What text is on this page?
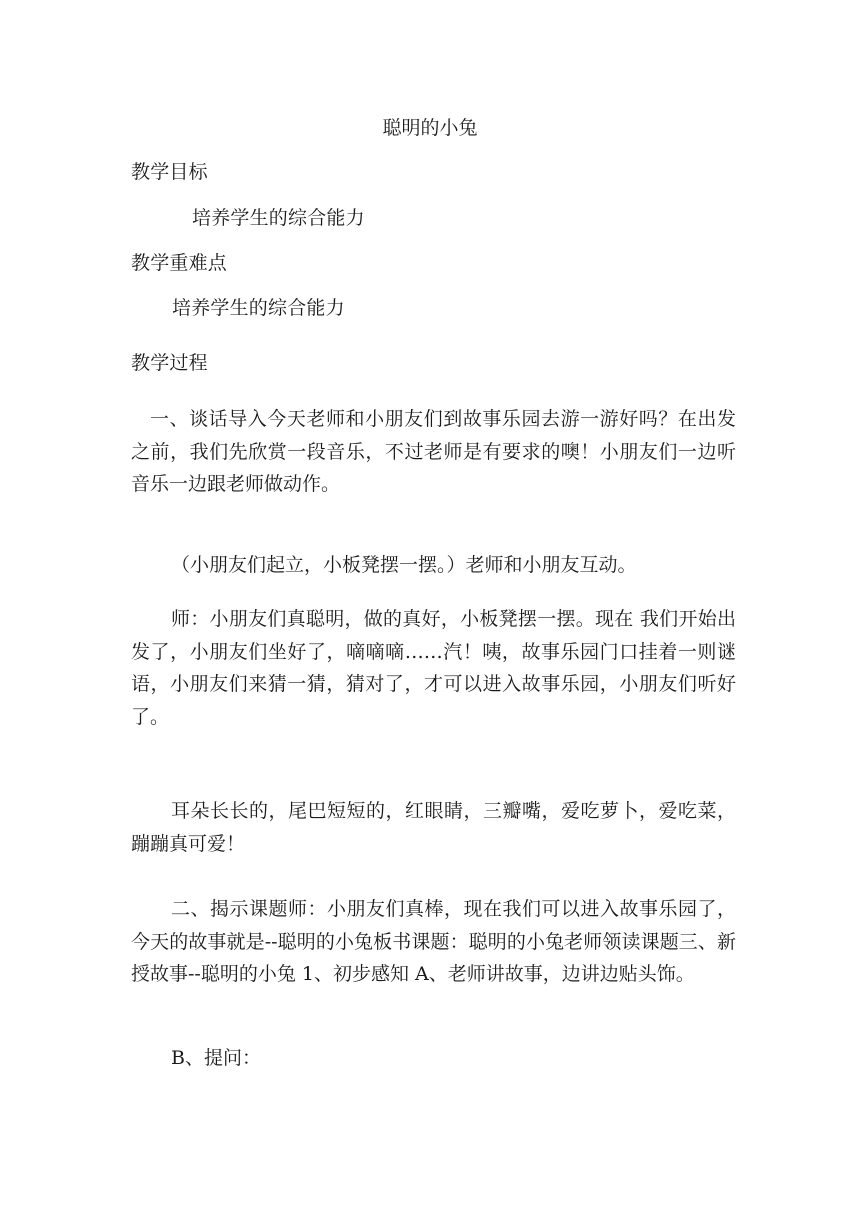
聪明的小兔
教学目标
培养学生的综合能力
教学重难点
培养学生的综合能力
教学过程
一、谈话导入今天老师和小朋友们到故事乐园去游一游好吗？在出发之前，我们先欣赏一段音乐，不过老师是有要求的噢！小朋友们一边听音乐一边跟老师做动作。
（小朋友们起立，小板凳摆一摆。）老师和小朋友互动。
师：小朋友们真聪明，做的真好，小板凳摆一摆。现在 我们开始出发了，小朋友们坐好了，嘀嘀嘀……汽！咦，故事乐园门口挂着一则谜语，小朋友们来猜一猜，猜对了，才可以进入故事乐园，小朋友们听好了。
耳朵长长的，尾巴短短的，红眼睛，三瓣嘴，爱吃萝卜，爱吃菜，蹦蹦真可爱！
二、揭示课题师：小朋友们真棒，现在我们可以进入故事乐园了，今天的故事就是--聪明的小兔板书课题：聪明的小兔老师领读课题三、新授故事--聪明的小兔 1、初步感知 A、老师讲故事，边讲边贴头饰。
B、提问：
